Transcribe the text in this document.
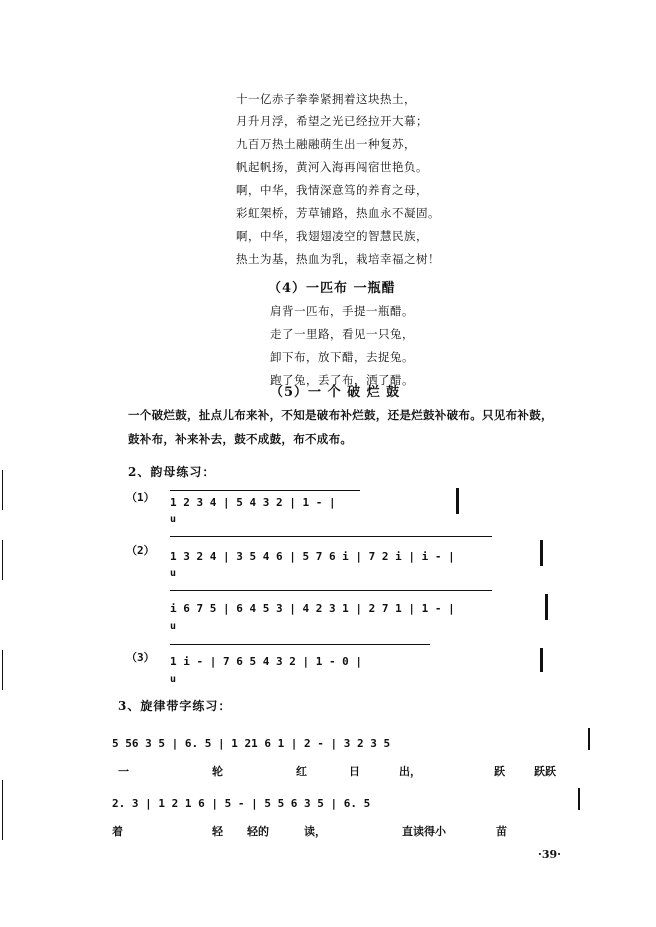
十一亿赤子拳拳紧拥着这块热土，
月升月浮，希望之光已经拉开大幕；
九百万热土融融萌生出一种复苏，
帆起帆扬，黄河入海再闯宿世艳负。
啊，中华，我情深意笃的养育之母，
彩虹架桥，芳草铺路，热血永不凝固。
啊，中华，我翅翅凌空的智慧民族，
热土为基，热血为乳，栽培幸福之树！
（4）一匹布 一瓶醋
肩背一匹布，手提一瓶醋。
走了一里路，看见一只兔，
卸下布，放下醋，去捉兔。
跑了兔，丢了布，洒了醋。
（5）一 个 破 烂 鼓
一个破烂鼓，扯点儿布来补，不知是破布补烂鼓，还是烂鼓补破布。只见布补鼓，
鼓补布，补来补去，鼓不成鼓，布不成布。
2、韵母练习：
（1） 1 2 3 4 | 5 4 3 2 | 1 - |
u
（2） 1 3 2 4 | 3 5 4 6 | 5 7 6 i | 7 2 i | i - |
u
i 6 7 5 | 6 4 5 3 | 4 2 3 1 | 2 7 1 | 1 - |
u
（3） 1 i - | 7 6 5 4 3 2 | 1 - 0 |
u
3、旋律带字练习：
5 56 3 5 | 6. 5 | 1 21 6 1 | 2 - | 3 2 3 5
一	轮	红	日	出，	跃	跃跃
2. 3 | 1 2 1 6 | 5 - | 5 5 6 3 5 | 6. 5
着	轻 轻的	读，	直读得小	苗
·39·
